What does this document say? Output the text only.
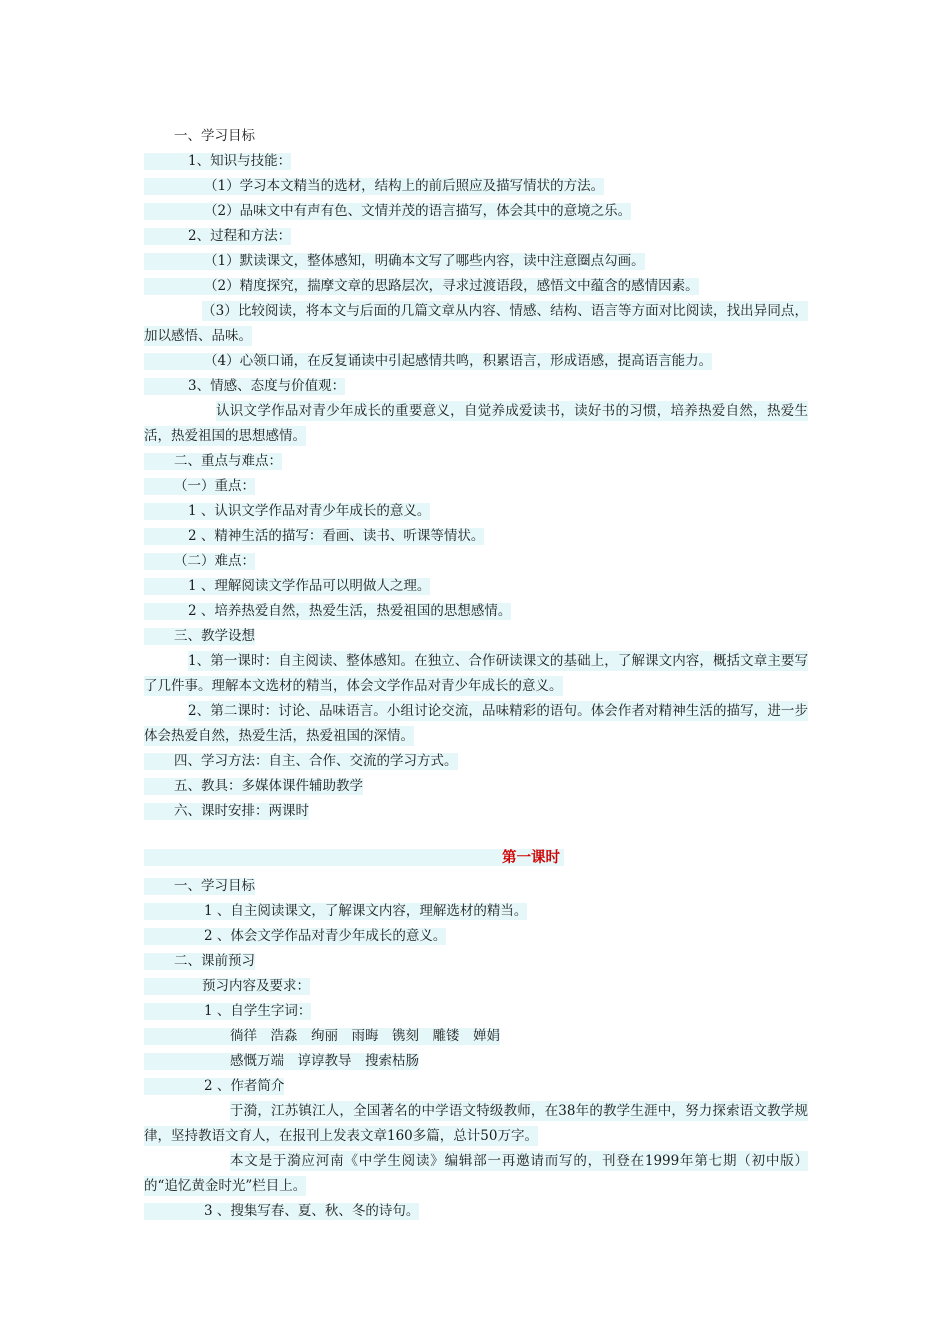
一、学习目标
1、知识与技能：
（1）学习本文精当的选材，结构上的前后照应及描写情状的方法。
（2）品味文中有声有色、文情并茂的语言描写，体会其中的意境之乐。
2、过程和方法：
（1）默读课文，整体感知，明确本文写了哪些内容，读中注意圈点勾画。
（2）精度探究，揣摩文章的思路层次，寻求过渡语段，感悟文中蕴含的感情因素。
（3）比较阅读，将本文与后面的几篇文章从内容、情感、结构、语言等方面对比阅读，找出异同点，加以感悟、品味。
（4）心领口诵，在反复诵读中引起感情共鸣，积累语言，形成语感，提高语言能力。
3、情感、态度与价值观：
认识文学作品对青少年成长的重要意义，自觉养成爱读书，读好书的习惯，培养热爱自然，热爱生活，热爱祖国的思想感情。
二、重点与难点：
（一）重点：
1 、认识文学作品对青少年成长的意义。
2 、精神生活的描写：看画、读书、听课等情状。
（二）难点：
1 、理解阅读文学作品可以明做人之理。
2 、培养热爱自然，热爱生活，热爱祖国的思想感情。
三、教学设想
1、第一课时：自主阅读、整体感知。在独立、合作研读课文的基础上，了解课文内容，概括文章主要写了几件事。理解本文选材的精当，体会文学作品对青少年成长的意义。
2、第二课时：讨论、品味语言。小组讨论交流，品味精彩的语句。体会作者对精神生活的描写，进一步体会热爱自然，热爱生活，热爱祖国的深情。
四、学习方法：自主、合作、交流的学习方式。
五、教具：多媒体课件辅助教学
六、课时安排：两课时
第一课时
一、学习目标
1 、自主阅读课文，了解课文内容，理解选材的精当。
2 、体会文学作品对青少年成长的意义。
二、课前预习
预习内容及要求：
1 、自学生字词：
徜徉　浩淼　绚丽　雨晦　镌刻　雕镂　婵娟
感慨万端　谆谆教导　搜索枯肠
2 、作者简介
于漪，江苏镇江人，全国著名的中学语文特级教师，在38年的教学生涯中，努力探索语文教学规律，坚持教语文育人，在报刊上发表文章160多篇，总计50万字。
本文是于漪应河南《中学生阅读》编辑部一再邀请而写的，刊登在1999年第七期（初中版）的“追忆黄金时光”栏目上。
3 、搜集写春、夏、秋、冬的诗句。
